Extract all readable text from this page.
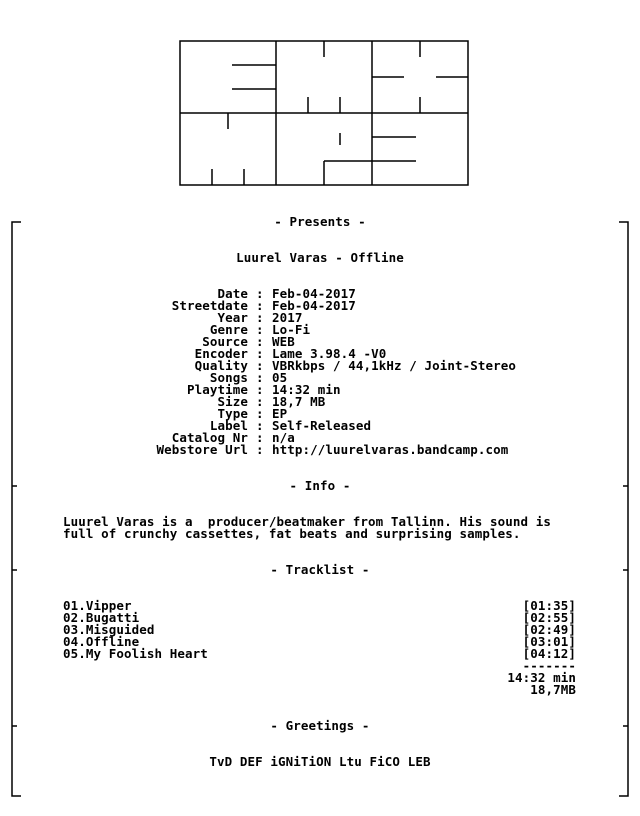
- Presents -
Luurel Varas - Offline
Date : Feb-04-2017
Streetdate : Feb-04-2017
Year : 2017
Genre : Lo-Fi
Source : WEB
Encoder : Lame 3.98.4 -V0
Quality : VBRkbps / 44,1kHz / Joint-Stereo
Songs : 05
Playtime : 14:32 min
Size : 18,7 MB
Type : EP
Label : Self-Released
Catalog Nr : n/a
Webstore Url : http://luurelvaras.bandcamp.com
- Info -
Luurel Varas is a  producer/beatmaker from Tallinn. His sound is
full of crunchy cassettes, fat beats and surprising samples.
- Tracklist -
01.Vipper	[01:35]
02.Bugatti	[02:55]
03.Misguided	[02:49]
04.Offline	[03:01]
05.My Foolish Heart	[04:12]
-------
14:32 min
18,7MB
- Greetings -
TvD DEF iGNiTiON Ltu FiCO LEB
